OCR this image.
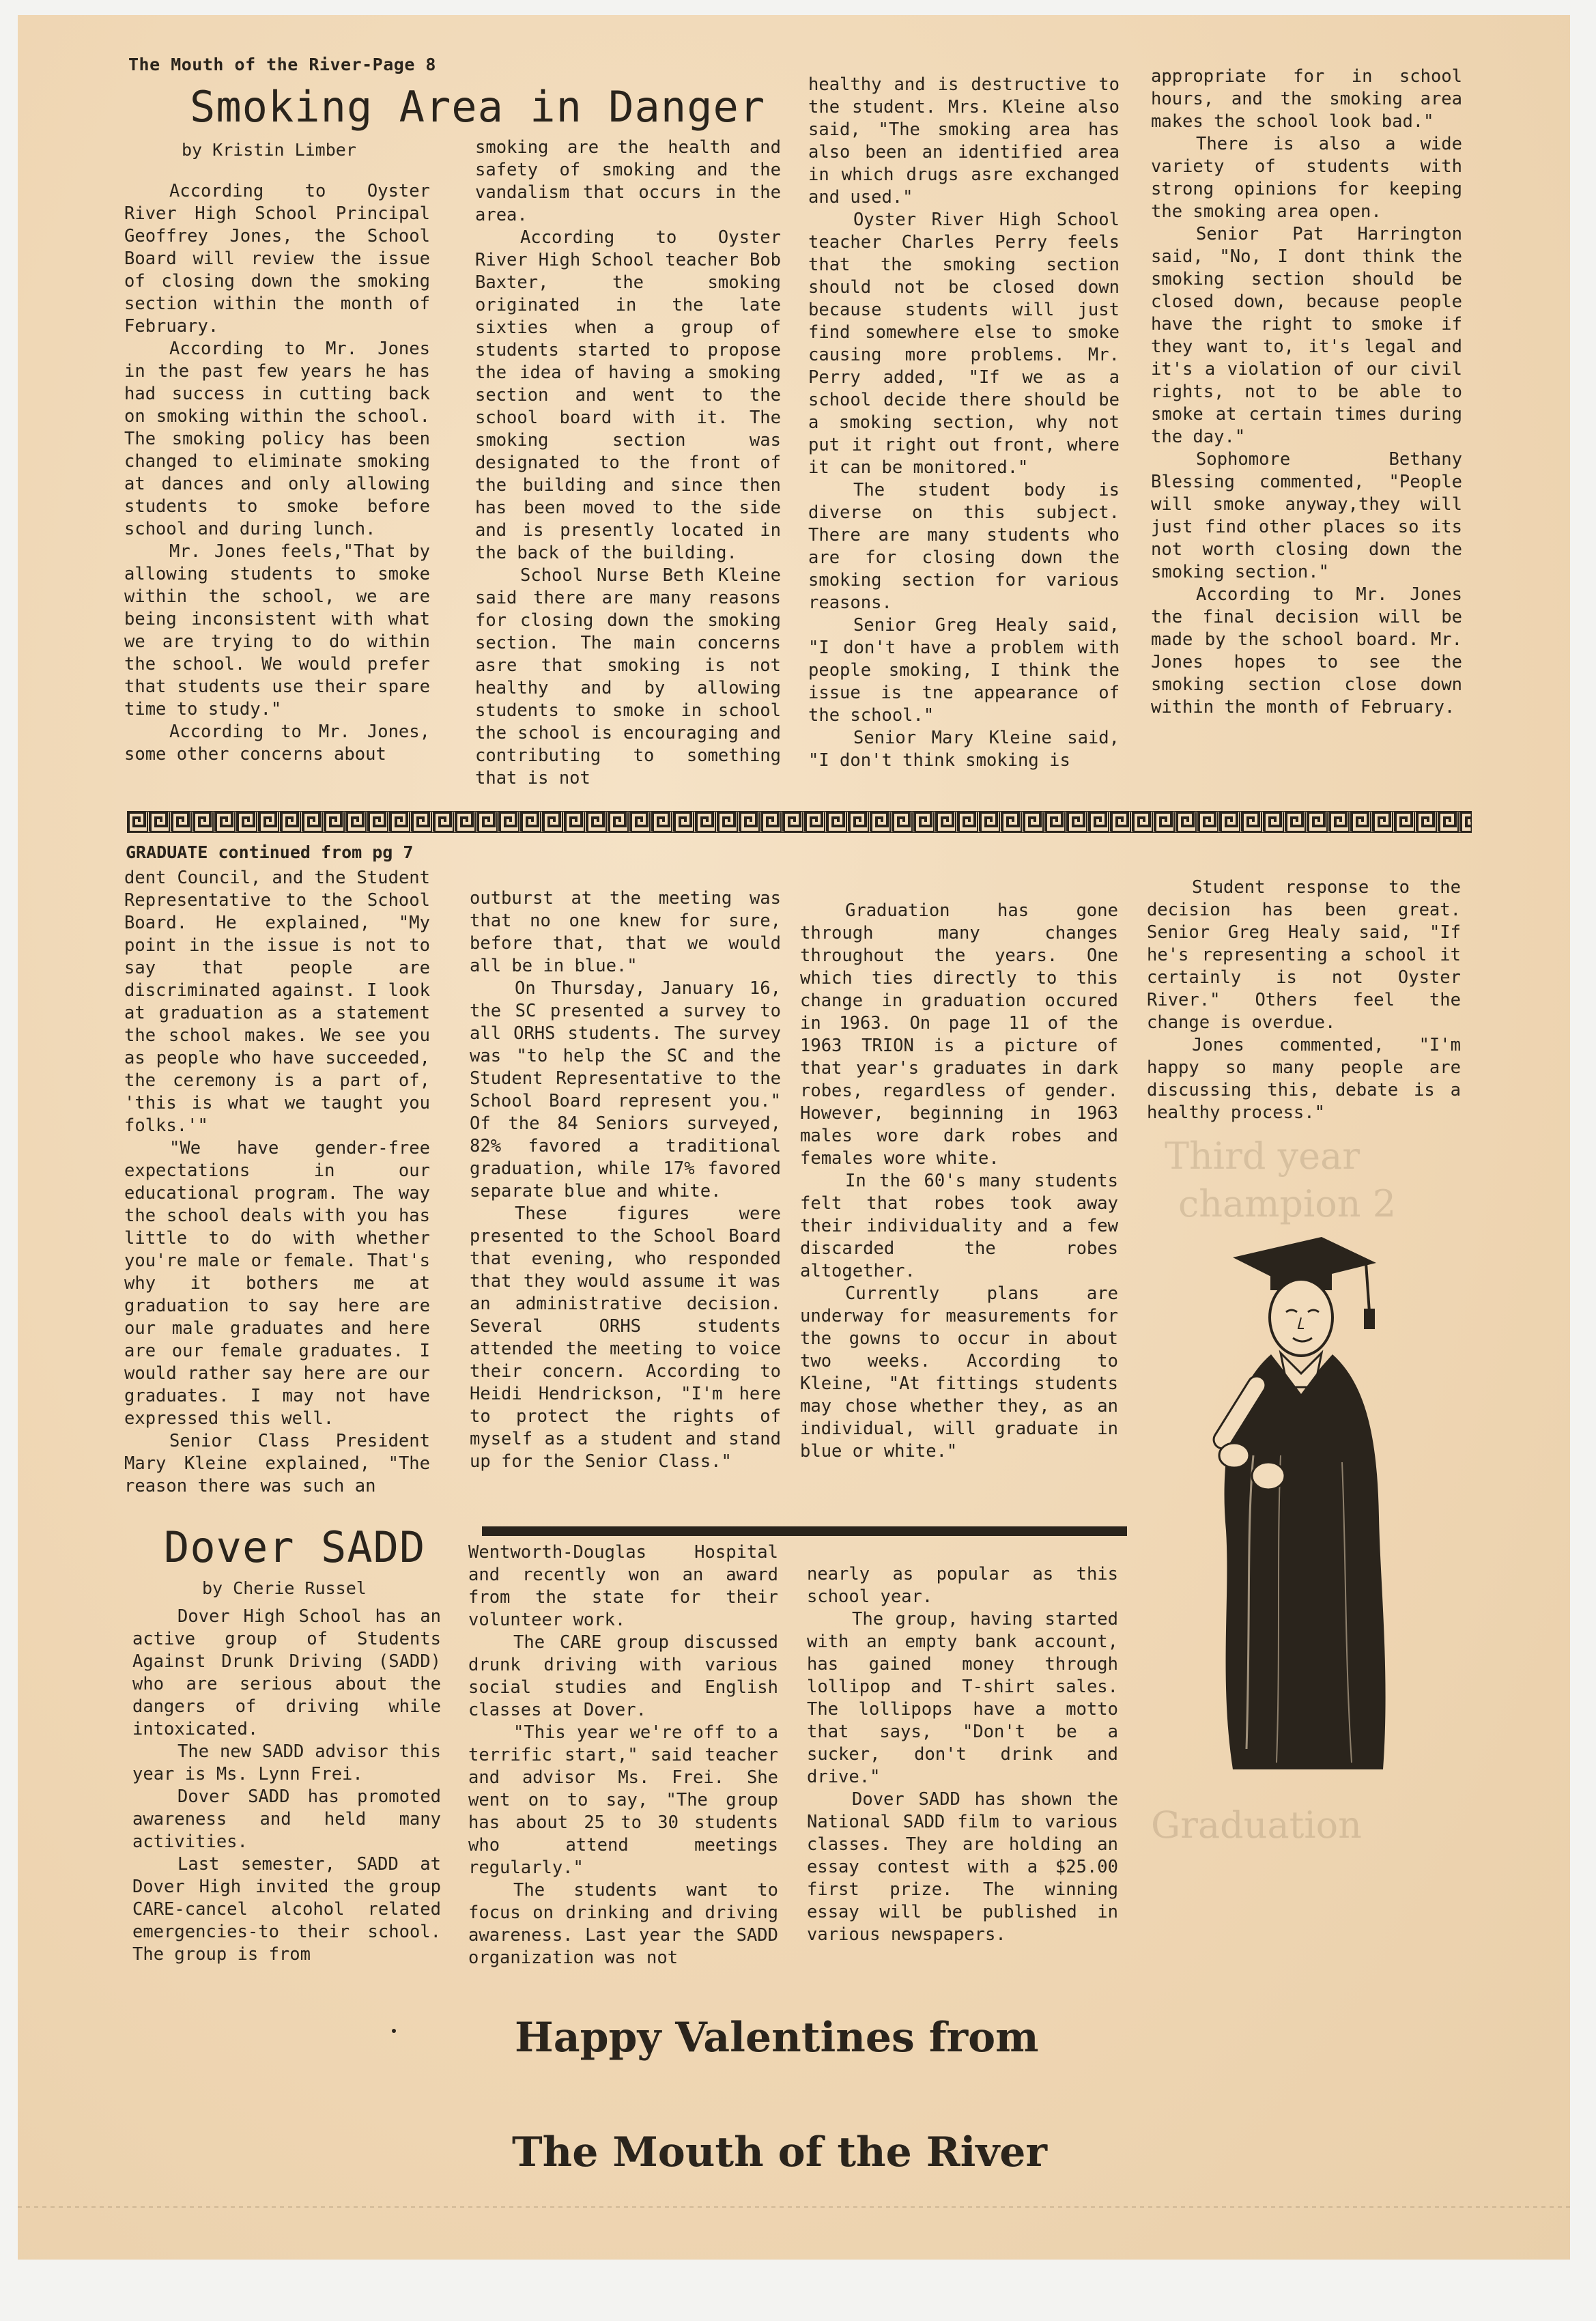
Third year
champion 2
Graduation
The Mouth of the River-Page 8
Smoking Area in Danger
by Kristin Limber

According to Oyster River High School Principal Geoffrey Jones, the School Board will review the issue of closing down the smoking section within the month of February.

According to Mr. Jones in the past few years he has had success in cutting back on smoking within the school. The smoking policy has been changed to eliminate smoking at dances and only allowing students to smoke before school and during lunch.

Mr. Jones feels,"That by allowing students to smoke within the school, we are being inconsistent with what we are trying to do within the school. We would prefer that students use their spare time to study."

According to Mr. Jones, some other concerns about

smoking are the health and safety of smoking and the vandalism that occurs in the area.

According to Oyster River High School teacher Bob Baxter, the smoking originated in the late sixties when a group of students started to propose the idea of having a smoking section and went to the school board with it. The smoking section was designated to the front of the building and since then has been moved to the side and is presently located in the back of the building.

School Nurse Beth Kleine said there are many reasons for closing down the smoking section. The main concerns asre that smoking is not healthy and by allowing students to smoke in school the school is encouraging and contributing to something that is not

healthy and is destructive to the student. Mrs. Kleine also said, "The smoking area has also been an identified area in which drugs asre exchanged and used."

Oyster River High School teacher Charles Perry feels that the smoking section should not be closed down because students will just find somewhere else to smoke causing more problems. Mr. Perry added, "If we as a school decide there should be a smoking section, why not put it right out front, where it can be monitored."

The student body is diverse on this subject. There are many students who are for closing down the smoking section for various reasons.

Senior Greg Healy said, "I don't have a problem with people smoking, I think the issue is tne appearance of the school."

Senior Mary Kleine said, "I don't think smoking is

appropriate for in school hours, and the smoking area makes the school look bad."

There is also a wide variety of students with strong opinions for keeping the smoking area open.

Senior Pat Harrington said, "No, I dont think the smoking section should be closed down, because people have the right to smoke if they want to, it's legal and it's a violation of our civil rights, not to be able to smoke at certain times during the day."

Sophomore Bethany Blessing commented, "People will smoke anyway,they will just find other places so its not worth closing down the smoking section."

According to Mr. Jones the final decision will be made by the school board. Mr. Jones hopes to see the smoking section close down within the month of February.

GRADUATE continued from pg 7

dent Council, and the Student Representative to the School Board. He explained, "My point in the issue is not to say that people are discriminated against. I look at graduation as a statement the school makes. We see you as people who have succeeded, the ceremony is a part of, 'this is what we taught you folks.'"

"We have gender-free expectations in our educational program. The way the school deals with you has little to do with whether you're male or female. That's why it bothers me at graduation to say here are our male graduates and here are our female graduates. I would rather say here are our graduates. I may not have expressed this well.

Senior Class President Mary Kleine explained, "The reason there was such an

outburst at the meeting was that no one knew for sure, before that, that we would all be in blue."

On Thursday, January 16, the SC presented a survey to all ORHS students. The survey was "to help the SC and the Student Representative to the School Board represent you." Of the 84 Seniors surveyed, 82% favored a traditional graduation, while 17% favored separate blue and white.

These figures were presented to the School Board that evening, who responded that they would assume it was an administrative decision. Several ORHS students attended the meeting to voice their concern. According to Heidi Hendrickson, "I'm here to protect the rights of myself as a student and stand up for the Senior Class."

Graduation has gone through many changes throughout the years. One which ties directly to this change in graduation occured in 1963. On page 11 of the 1963 TRION is a picture of that year's graduates in dark robes, regardless of gender. However, beginning in 1963 males wore dark robes and females wore white.

In the 60's many students felt that robes took away their individuality and a few discarded the robes altogether.

Currently plans are underway for measurements for the gowns to occur in about two weeks. According to Kleine, "At fittings students may chose whether they, as an individual, will graduate in blue or white."

Student response to the decision has been great. Senior Greg Healy said, "If he's representing a school it certainly is not Oyster River." Others feel the change is overdue.

Jones commented, "I'm happy so many people are discussing this, debate is a healthy process."

Dover SADD
by Cherie Russel

Dover High School has an active group of Students Against Drunk Driving (SADD) who are serious about the dangers of driving while intoxicated.

The new SADD advisor this year is Ms. Lynn Frei.

Dover SADD has promoted awareness and held many activities.

Last semester, SADD at Dover High invited the group CARE-cancel alcohol related emergencies-to their school. The group is from

Wentworth-Douglas Hospital and recently won an award from the state for their volunteer work.

The CARE group discussed drunk driving with various social studies and English classes at Dover.

"This year we're off to a terrific start," said teacher and advisor Ms. Frei. She went on to say, "The group has about 25 to 30 students who attend meetings regularly."

The students want to focus on drinking and driving awareness. Last year the SADD organization was not

nearly as popular as this school year.

The group, having started with an empty bank account, has gained money through lollipop and T-shirt sales. The lollipops have a motto that says, "Don't be a sucker, don't drink and drive."

Dover SADD has shown the National SADD film to various classes. They are holding an essay contest with a $25.00 first prize. The winning essay will be published in various newspapers.

Happy Valentines from
The Mouth of the River
